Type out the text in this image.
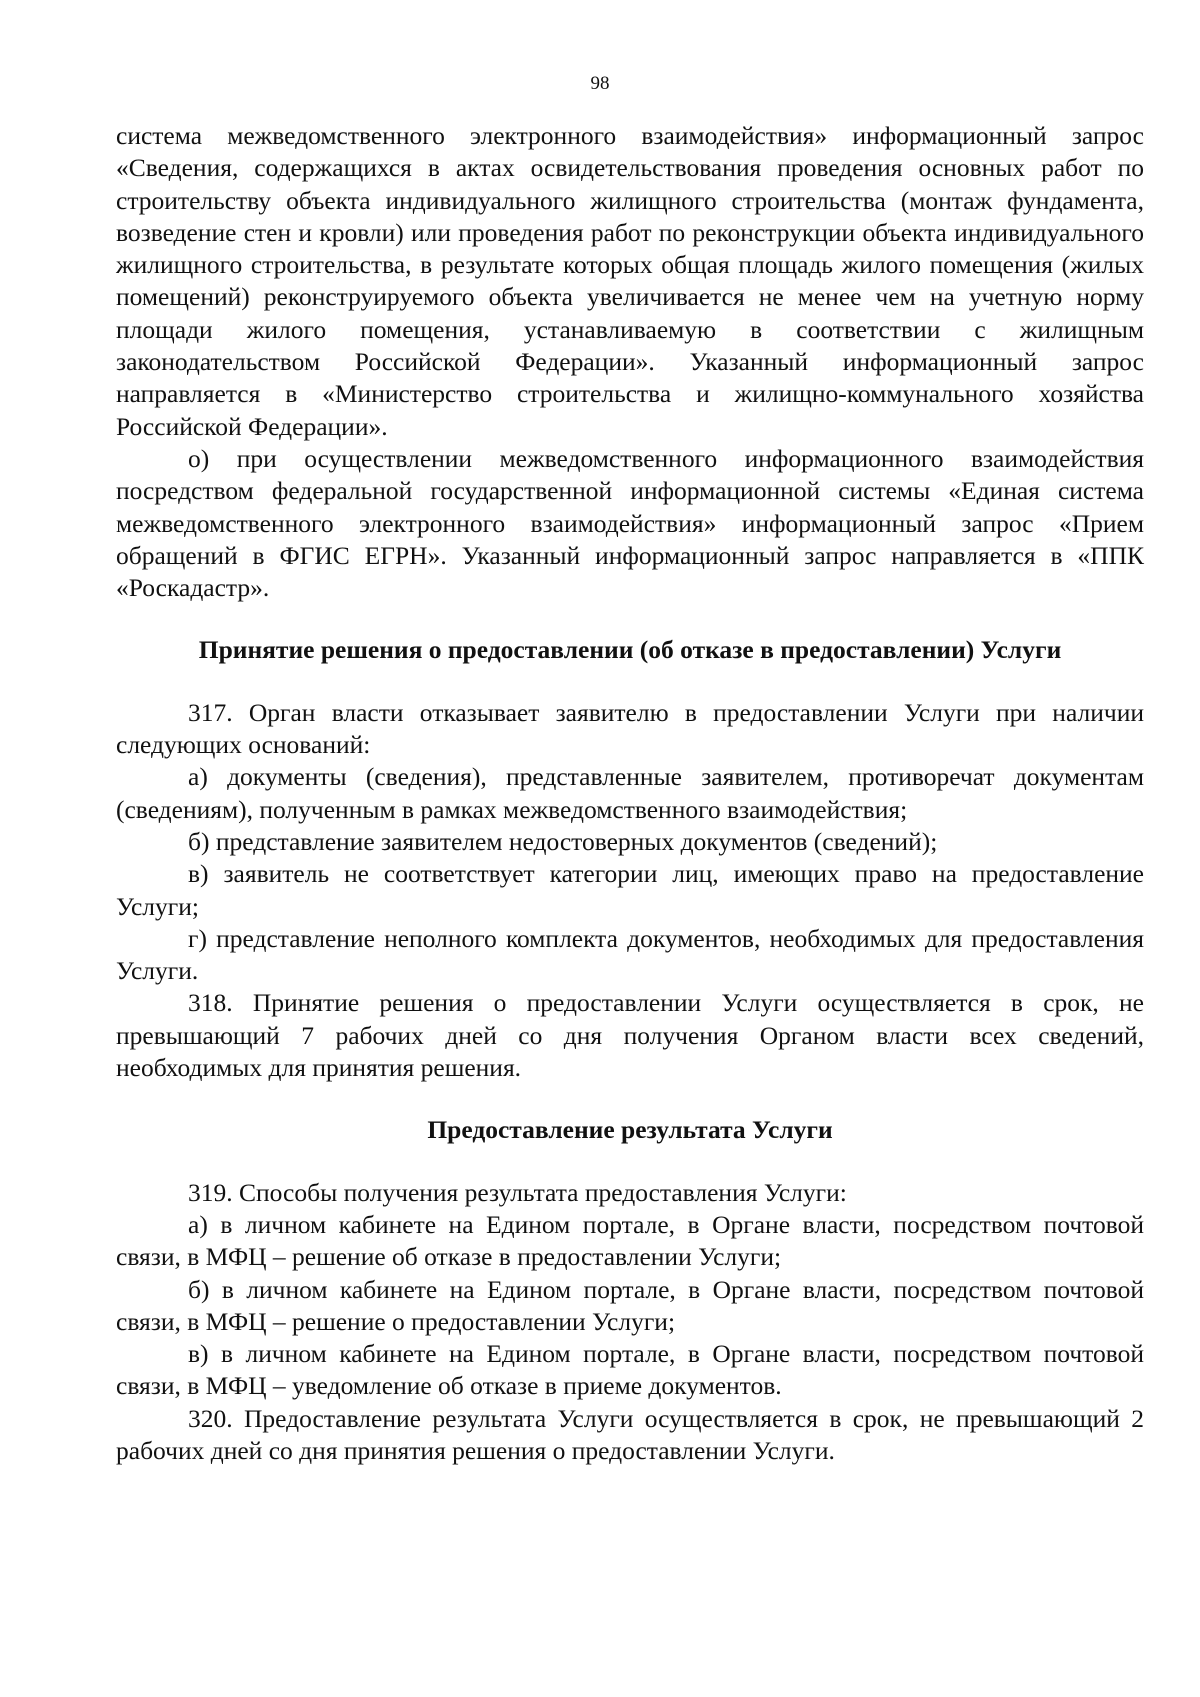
98

система межведомственного электронного взаимодействия» информационный запрос «Сведения, содержащихся в актах освидетельствования проведения основных работ по строительству объекта индивидуального жилищного строительства (монтаж фундамента, возведение стен и кровли) или проведения работ по реконструкции объекта индивидуального жилищного строительства, в результате которых общая площадь жилого помещения (жилых помещений) реконструируемого объекта увеличивается не менее чем на учетную норму площади жилого помещения, устанавливаемую в соответствии с жилищным законодательством Российской Федерации». Указанный информационный запрос направляется в «Министерство строительства и жилищно-коммунального хозяйства Российской Федерации».

о) при осуществлении межведомственного информационного взаимодействия посредством федеральной государственной информационной системы «Единая система межведомственного электронного взаимодействия» информационный запрос «Прием обращений в ФГИС ЕГРН». Указанный информационный запрос направляется в «ППК «Роскадастр».

Принятие решения о предоставлении (об отказе в предоставлении) Услуги

317. Орган власти отказывает заявителю в предоставлении Услуги при наличии следующих оснований:

а) документы (сведения), представленные заявителем, противоречат документам (сведениям), полученным в рамках межведомственного взаимодействия;

б) представление заявителем недостоверных документов (сведений);

в) заявитель не соответствует категории лиц, имеющих право на предоставление Услуги;

г) представление неполного комплекта документов, необходимых для предоставления Услуги.

318. Принятие решения о предоставлении Услуги осуществляется в срок, не превышающий 7 рабочих дней со дня получения Органом власти всех сведений, необходимых для принятия решения.

Предоставление результата Услуги

319. Способы получения результата предоставления Услуги:

а) в личном кабинете на Едином портале, в Органе власти, посредством почтовой связи, в МФЦ – решение об отказе в предоставлении Услуги;

б) в личном кабинете на Едином портале, в Органе власти, посредством почтовой связи, в МФЦ – решение о предоставлении Услуги;

в) в личном кабинете на Едином портале, в Органе власти, посредством почтовой связи, в МФЦ – уведомление об отказе в приеме документов.

320. Предоставление результата Услуги осуществляется в срок, не превышающий 2 рабочих дней со дня принятия решения о предоставлении Услуги.
